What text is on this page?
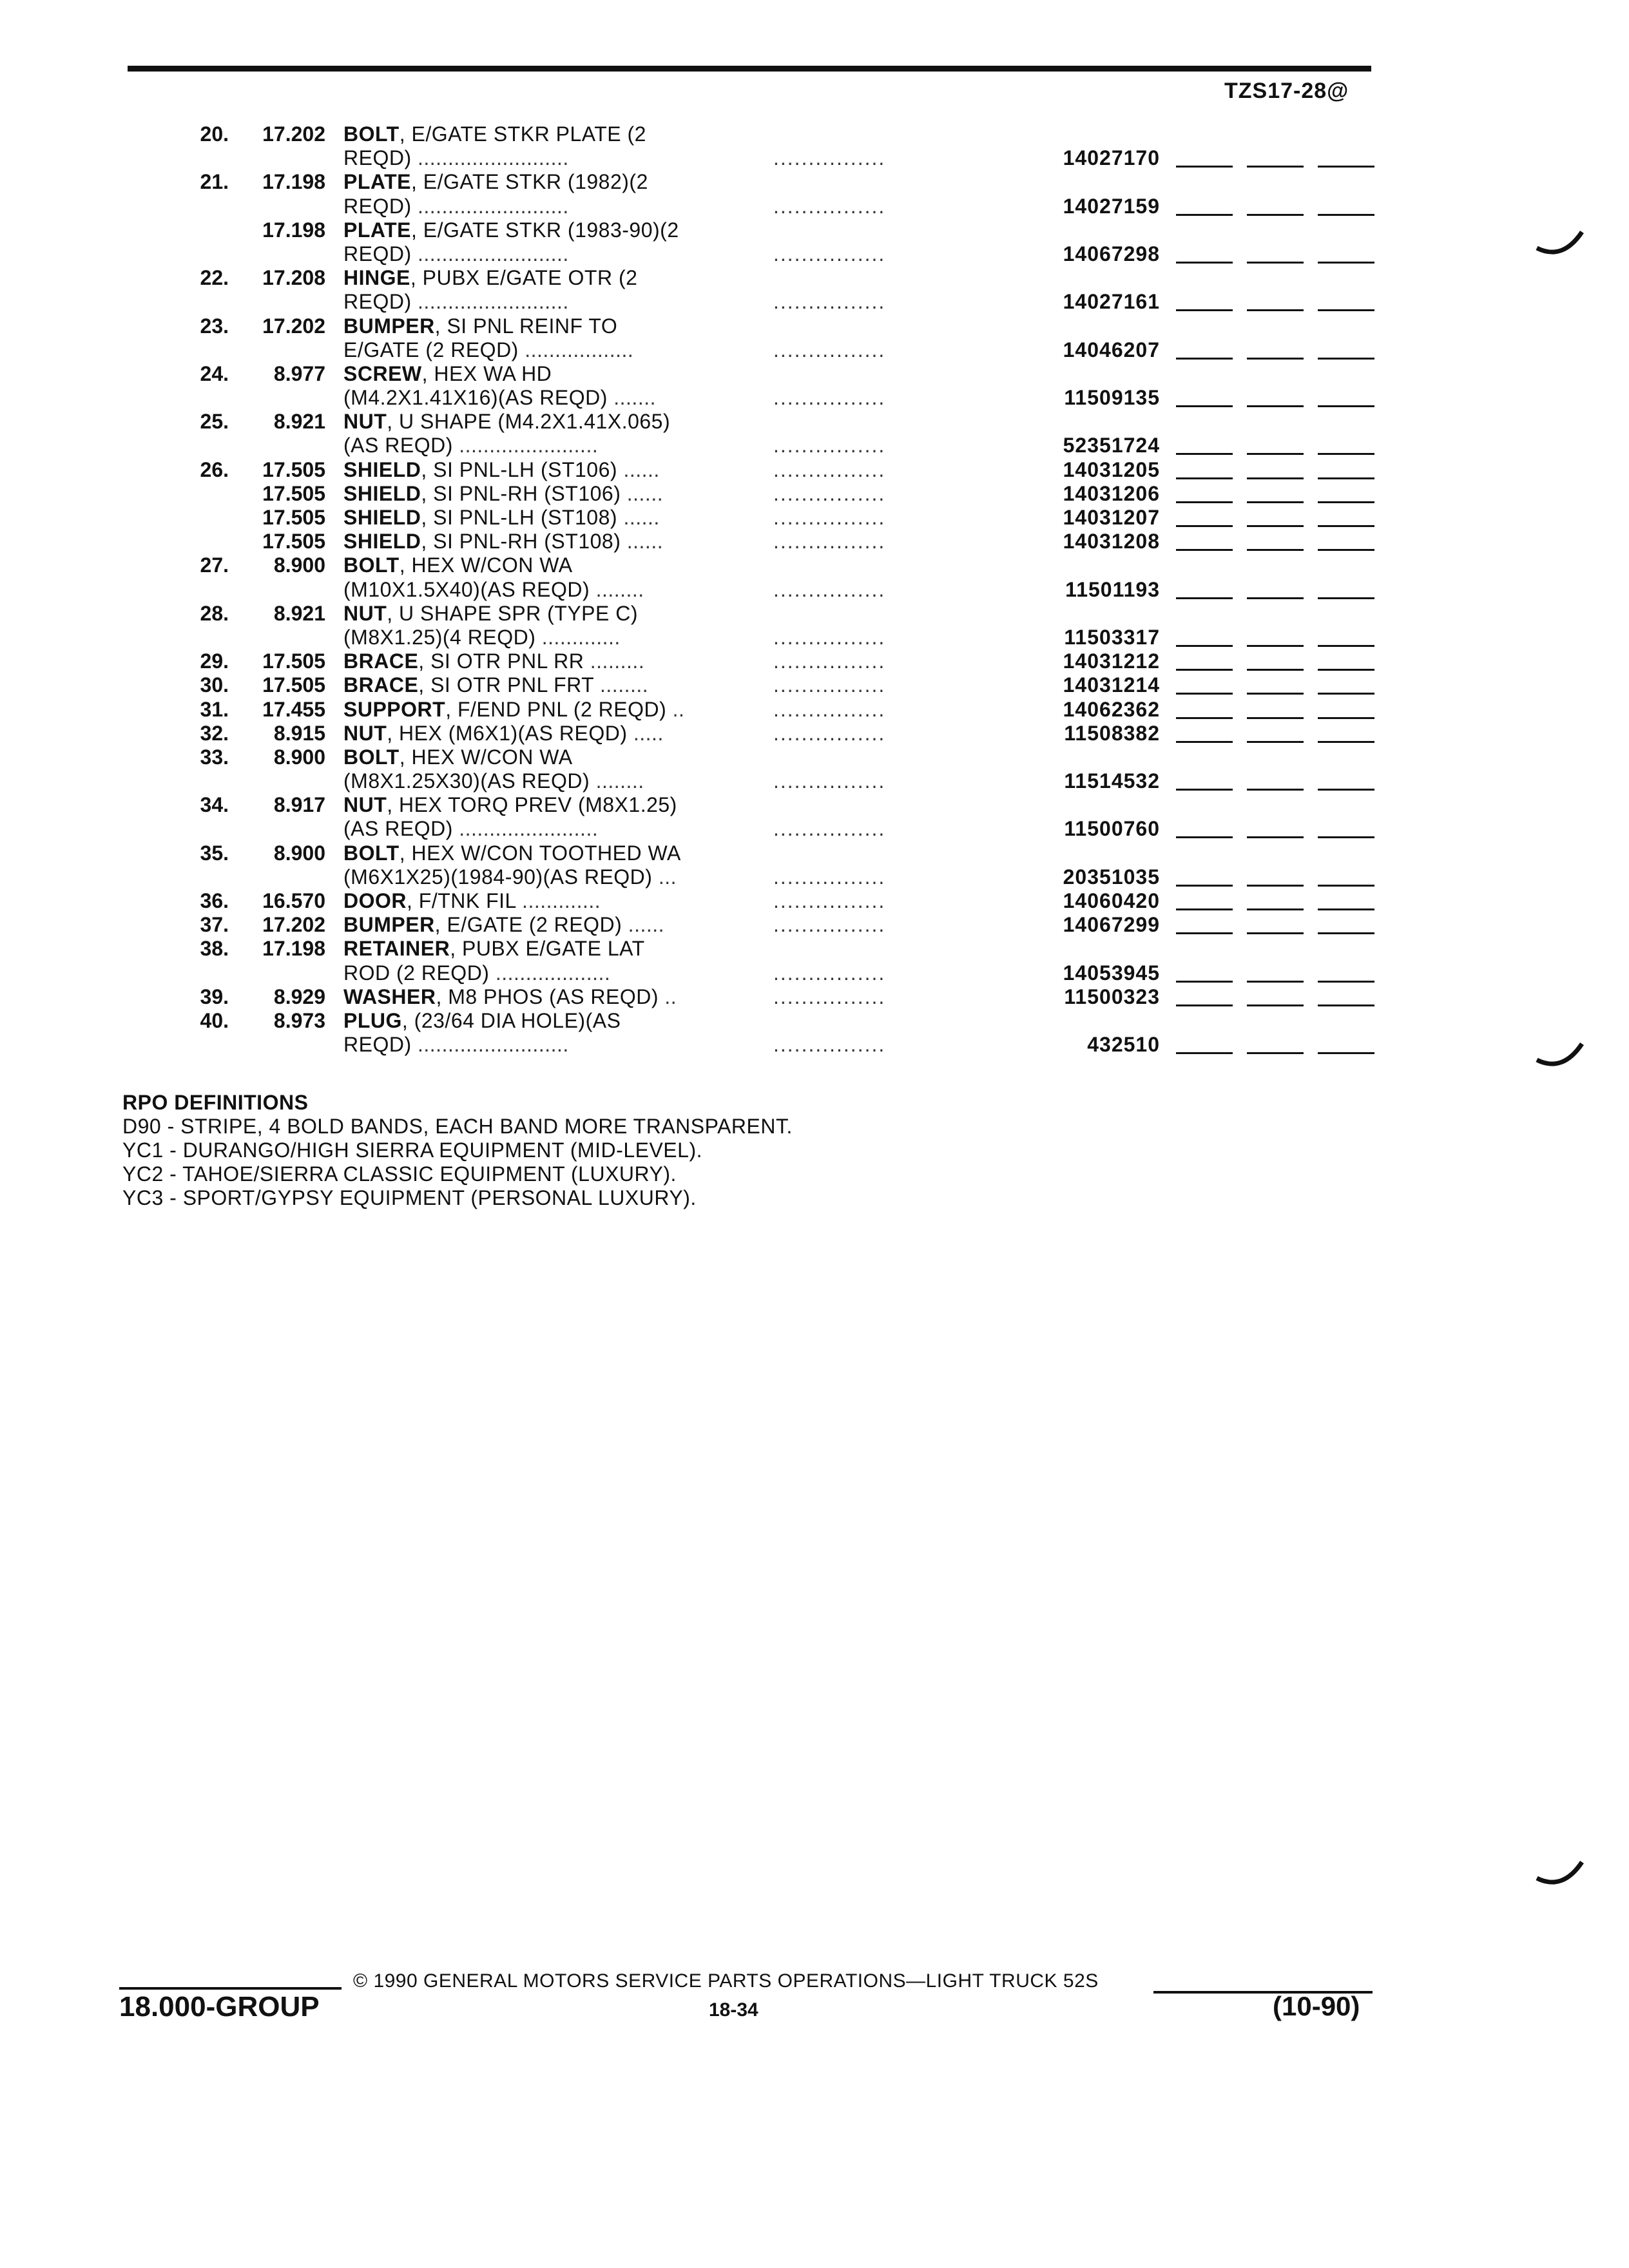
TZS17-28@
20.	17.202 BOLT, E/GATE STKR PLATE (2
REQD) .........................	................	14027170
21.	17.198 PLATE, E/GATE STKR (1982)(2
REQD) .........................	................	14027159
17.198 PLATE, E/GATE STKR (1983-90)(2
REQD) .........................	................	14067298
22.	17.208 HINGE, PUBX E/GATE OTR (2
REQD) .........................	................	14027161
23.	17.202 BUMPER, SI PNL REINF TO
E/GATE (2 REQD) ..................	................	14046207
24.	8.977 SCREW, HEX WA HD
(M4.2X1.41X16)(AS REQD) .......	................	11509135
25.	8.921 NUT, U SHAPE (M4.2X1.41X.065)
(AS REQD) .......................	................	52351724
26.	17.505 SHIELD, SI PNL-LH (ST106) ......	................	14031205
17.505 SHIELD, SI PNL-RH (ST106) ......	................	14031206
17.505 SHIELD, SI PNL-LH (ST108) ......	................	14031207
17.505 SHIELD, SI PNL-RH (ST108) ......	................	14031208
27.	8.900 BOLT, HEX W/CON WA
(M10X1.5X40)(AS REQD) ........	................	11501193
28.	8.921 NUT, U SHAPE SPR (TYPE C)
(M8X1.25)(4 REQD) .............	................	11503317
29.	17.505 BRACE, SI OTR PNL RR .........	................	14031212
30.	17.505 BRACE, SI OTR PNL FRT ........	................	14031214
31.	17.455 SUPPORT, F/END PNL (2 REQD) ..	................	14062362
32.	8.915 NUT, HEX (M6X1)(AS REQD) .....	................	11508382
33.	8.900 BOLT, HEX W/CON WA
(M8X1.25X30)(AS REQD) ........	................	11514532
34.	8.917 NUT, HEX TORQ PREV (M8X1.25)
(AS REQD) .......................	................	11500760
35.	8.900 BOLT, HEX W/CON TOOTHED WA
(M6X1X25)(1984-90)(AS REQD) ...	................	20351035
36.	16.570 DOOR, F/TNK FIL .............	................	14060420
37.	17.202 BUMPER, E/GATE (2 REQD) ......	................	14067299
38.	17.198 RETAINER, PUBX E/GATE LAT
ROD (2 REQD) ...................	................	14053945
39.	8.929 WASHER, M8 PHOS (AS REQD) ..	................	11500323
40.	8.973 PLUG, (23/64 DIA HOLE)(AS
REQD) .........................	................	432510
RPO DEFINITIONS
D90 - STRIPE, 4 BOLD BANDS, EACH BAND MORE TRANSPARENT.
YC1 - DURANGO/HIGH SIERRA EQUIPMENT (MID-LEVEL).
YC2 - TAHOE/SIERRA CLASSIC EQUIPMENT (LUXURY).
YC3 - SPORT/GYPSY EQUIPMENT (PERSONAL LUXURY).
© 1990 GENERAL MOTORS SERVICE PARTS OPERATIONS—LIGHT TRUCK 52S
18.000-GROUP	18-34	(10-90)
